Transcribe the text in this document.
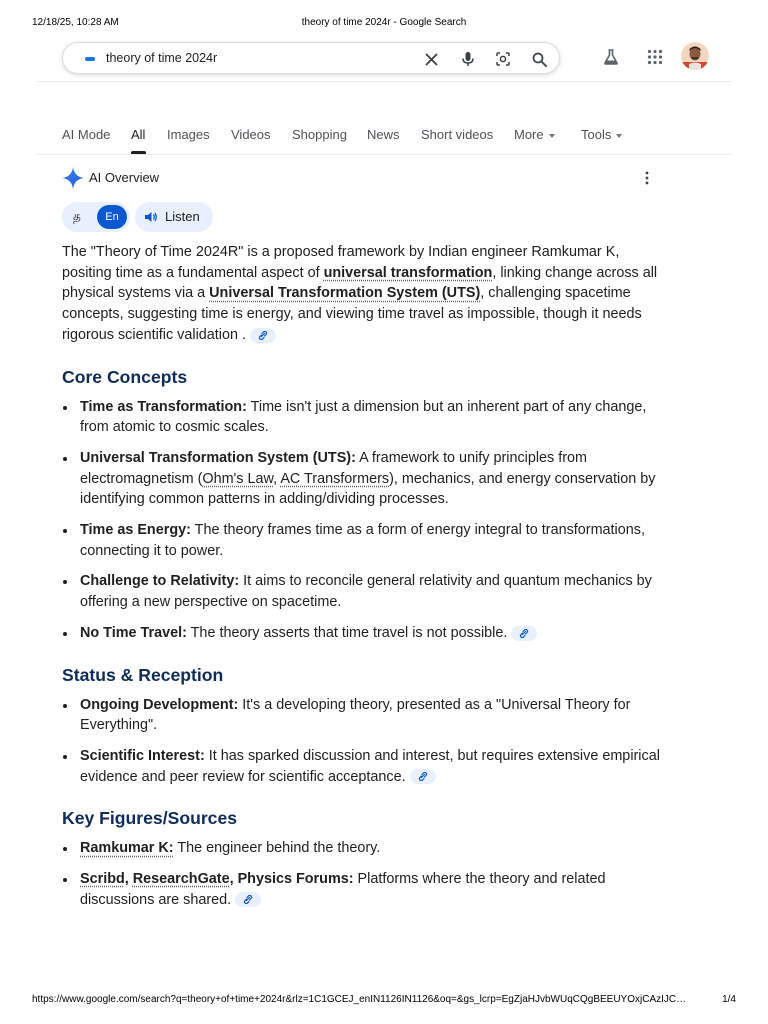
12/18/25, 10:28 AM	theory of time 2024r - Google Search
theory of time 2024r
AI Mode All Images Videos Shopping News Short videos More	Tools
AI Overview
த	En	Listen

The "Theory of Time 2024R" is a proposed framework by Indian engineer Ramkumar K, positing time as a fundamental aspect of universal transformation, linking change across all physical systems via a Universal Transformation System (UTS), challenging spacetime concepts, suggesting time is energy, and viewing time travel as impossible, though it needs rigorous scientific validation .

Core Concepts
Time as Transformation: Time isn't just a dimension but an inherent part of any change, from atomic to cosmic scales.
Universal Transformation System (UTS): A framework to unify principles from electromagnetism (Ohm's Law, AC Transformers), mechanics, and energy conservation by identifying common patterns in adding/dividing processes.
Time as Energy: The theory frames time as a form of energy integral to transformations, connecting it to power.
Challenge to Relativity: It aims to reconcile general relativity and quantum mechanics by offering a new perspective on spacetime.
No Time Travel: The theory asserts that time travel is not possible.
Status & Reception
Ongoing Development: It's a developing theory, presented as a "Universal Theory for Everything".
Scientific Interest: It has sparked discussion and interest, but requires extensive empirical evidence and peer review for scientific acceptance.
Key Figures/Sources
Ramkumar K: The engineer behind the theory.
Scribd, ResearchGate, Physics Forums: Platforms where the theory and related discussions are shared.
https://www.google.com/search?q=theory+of+time+2024r&rlz=1C1GCEJ_enIN1126IN1126&oq=&gs_lcrp=EgZjaHJvbWUqCQgBEEUYOxjCAzIJC…	1/4
